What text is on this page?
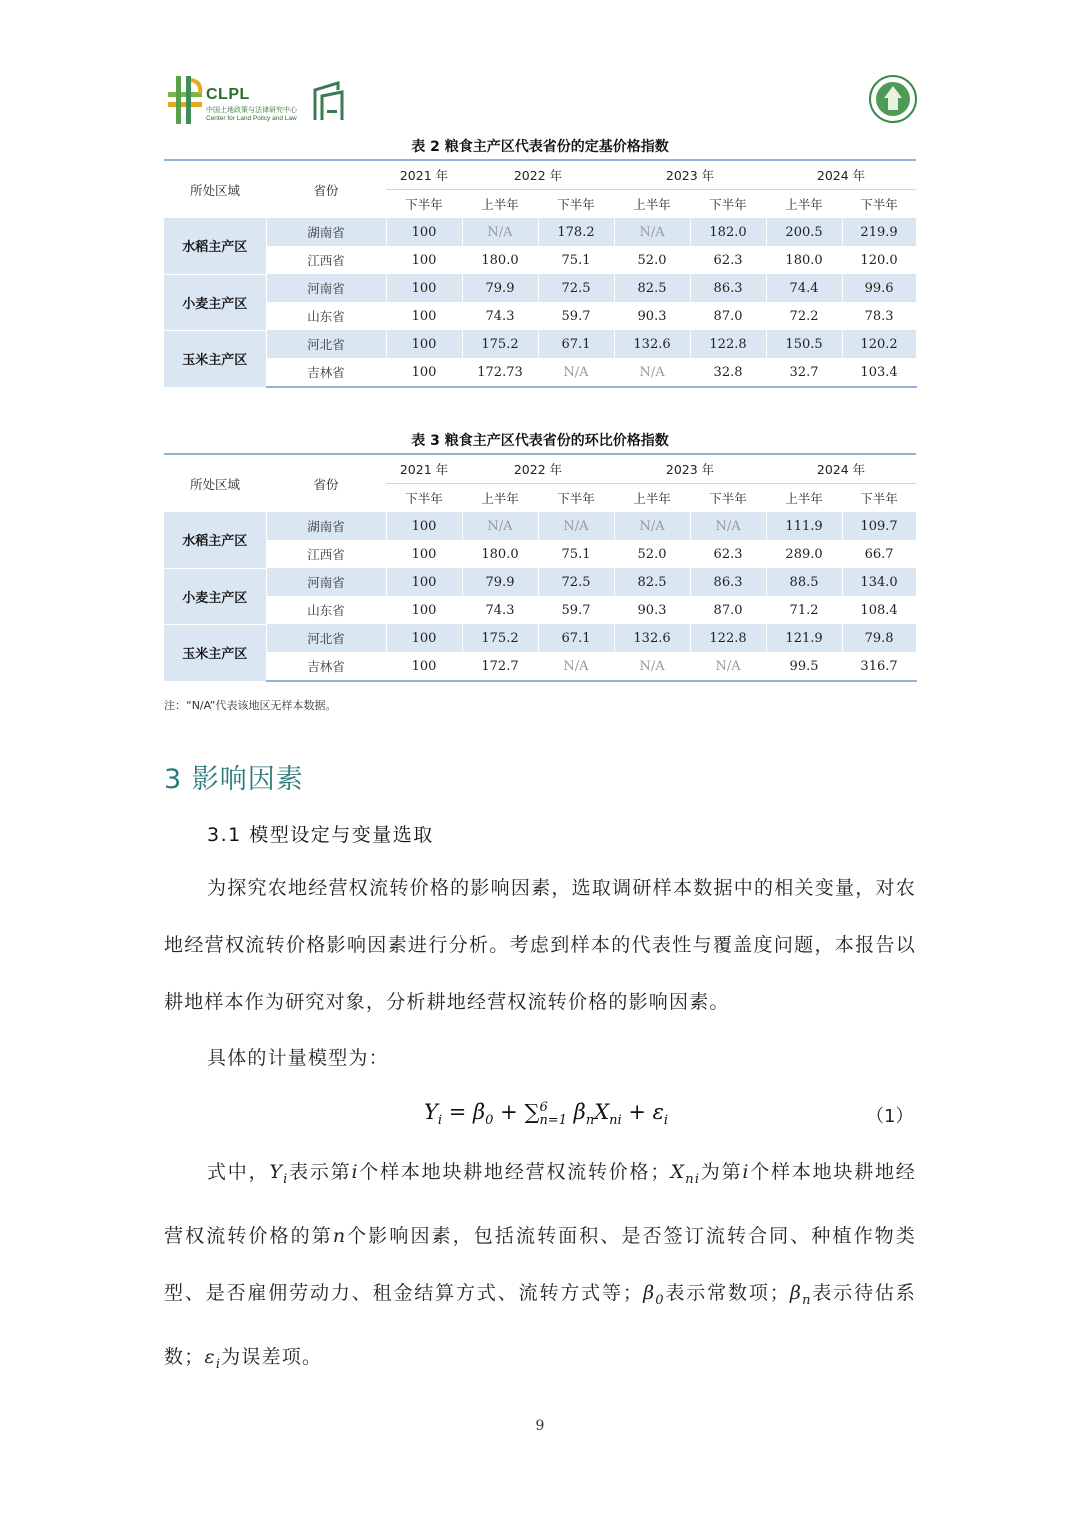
CLPL
中国土地政策与法律研究中心
Center for Land Policy and Law
表 2 粮食主产区代表省份的定基价格指数
所处区域	省份	2021 年	2022 年		2023 年		2024 年	
		下半年	上半年	下半年	上半年	下半年	上半年	下半年
水稻主产区	湖南省	100	N/A	178.2	N/A	182.0	200.5	219.9
	江西省	100	180.0	75.1	52.0	62.3	180.0	120.0
小麦主产区	河南省	100	79.9	72.5	82.5	86.3	74.4	99.6
	山东省	100	74.3	59.7	90.3	87.0	72.2	78.3
玉米主产区	河北省	100	175.2	67.1	132.6	122.8	150.5	120.2
	吉林省	100	172.73	N/A	N/A	32.8	32.7	103.4
表 3 粮食主产区代表省份的环比价格指数
所处区域	省份	2021 年	2022 年		2023 年		2024 年	
		下半年	上半年	下半年	上半年	下半年	上半年	下半年
水稻主产区	湖南省	100	N/A	N/A	N/A	N/A	111.9	109.7
	江西省	100	180.0	75.1	52.0	62.3	289.0	66.7
小麦主产区	河南省	100	79.9	72.5	82.5	86.3	88.5	134.0
	山东省	100	74.3	59.7	90.3	87.0	71.2	108.4
玉米主产区	河北省	100	175.2	67.1	132.6	122.8	121.9	79.8
	吉林省	100	172.7	N/A	N/A	N/A	99.5	316.7
注：“N/A”代表该地区无样本数据。
3 影响因素
3.1 模型设定与变量选取
为探究农地经营权流转价格的影响因素，选取调研样本数据中的相关变量，对农地经营权流转价格影响因素进行分析。考虑到样本的代表性与覆盖度问题，本报告以耕地样本作为研究对象，分析耕地经营权流转价格的影响因素。
具体的计量模型为：
$Y_i = \beta_0$ + ∑ 6
n=1 $\beta_nX_{ni} + \varepsilon_i$	（1）
式中，$Y_i$表示第i个样本地块耕地经营权流转价格；$X_{ni}$为第i个样本地块耕地经营权流转价格的第n个影响因素，包括流转面积、是否签订流转合同、种植作物类型、是否雇佣劳动力、租金结算方式、流转方式等；$\beta_0$表示常数项；$\beta_n$表示待估系数；$\varepsilon_i$为误差项。
9
